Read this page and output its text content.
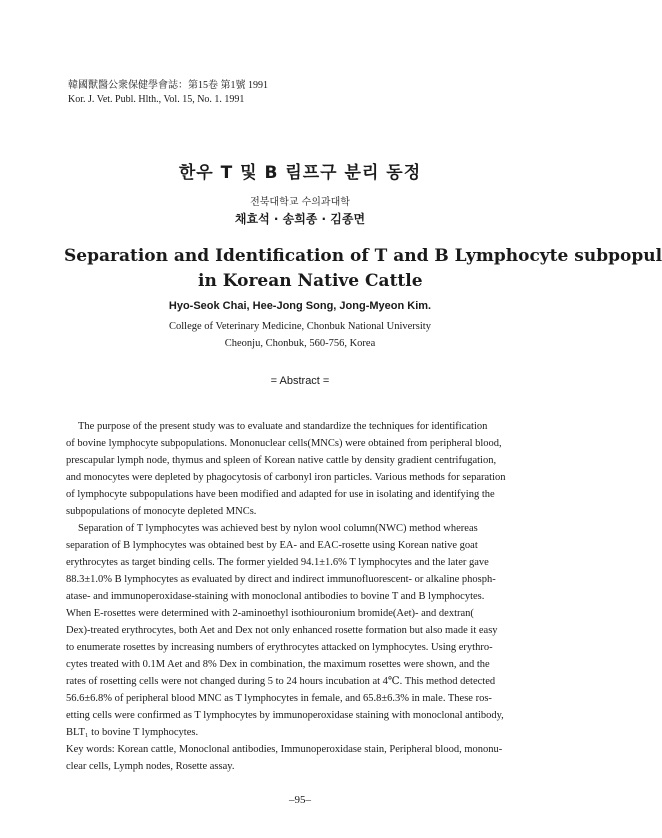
韓國獸醫公衆保健學會誌：第15卷 第1號 1991
Kor. J. Vet. Publ. Hlth., Vol. 15, No. 1. 1991
한우 T 및 B 림프구 분리 동정
전북대학교 수의과대학
채효석 · 송희종 · 김종면
Separation and Identification of T and B Lymphocyte subpopul
in Korean Native Cattle
Hyo-Seok Chai, Hee-Jong Song, Jong-Myeon Kim.
College of Veterinary Medicine, Chonbuk National University
Cheonju, Chonbuk, 560-756, Korea
= Abstract =

The purpose of the present study was to evaluate and standardize the techniques for identification

of bovine lymphocyte subpopulations. Mononuclear cells(MNCs) were obtained from peripheral blood,

prescapular lymph node, thymus and spleen of Korean native cattle by density gradient centrifugation,

and monocytes were depleted by phagocytosis of carbonyl iron particles. Various methods for separation

of lymphocyte subpopulations have been modified and adapted for use in isolating and identifying the

subpopulations of monocyte depleted MNCs.

Separation of T lymphocytes was achieved best by nylon wool column(NWC) method whereas

separation of B lymphocytes was obtained best by EA- and EAC-rosette using Korean native goat

erythrocytes as target binding cells. The former yielded 94.1±1.6% T lymphocytes and the later gave

88.3±1.0% B lymphocytes as evaluated by direct and indirect immunofluorescent- or alkaline phosph-

atase- and immunoperoxidase-staining with monoclonal antibodies to bovine T and B lymphocytes.

When E-rosettes were determined with 2-aminoethyl isothiouronium bromide(Aet)- and dextran(

Dex)-treated erythrocytes, both Aet and Dex not only enhanced rosette formation but also made it easy

to enumerate rosettes by increasing numbers of erythrocytes attacked on lymphocytes. Using erythro-

cytes treated with 0.1M Aet and 8% Dex in combination, the maximum rosettes were shown, and the

rates of rosetting cells were not changed during 5 to 24 hours incubation at 4℃. This method detected

56.6±6.8% of peripheral blood MNC as T lymphocytes in female, and 65.8±6.3% in male. These ros-

etting cells were confirmed as T lymphocytes by immunoperoxidase staining with monoclonal antibody,

BLT₁ to bovine T lymphocytes.

Key words: Korean cattle, Monoclonal antibodies, Immunoperoxidase stain, Peripheral blood, mononu-

clear cells, Lymph nodes, Rosette assay.

–95–
